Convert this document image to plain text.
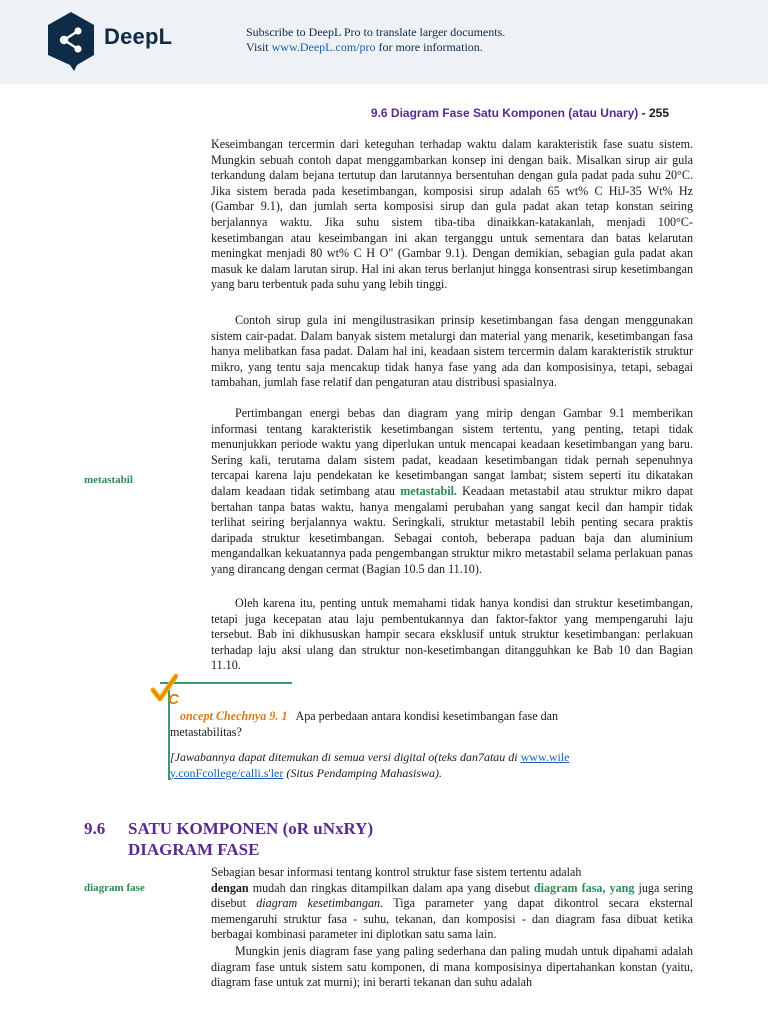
DeepL	Subscribe to DeepL Pro to translate larger documents.
Visit www.DeepL.com/pro for more information.
9.6 Diagram Fase Satu Komponen (atau Unary) - 255

Keseimbangan tercermin dari keteguhan terhadap waktu dalam karakteristik fase suatu sistem. Mungkin sebuah contoh dapat menggambarkan konsep ini dengan baik. Misalkan sirup air gula terkandung dalam bejana tertutup dan larutannya bersentuhan dengan gula padat pada suhu 20°C. Jika sistem berada pada kesetimbangan, komposisi sirup adalah 65 wt% C HiJ-35 Wt% Hz (Gambar 9.1), dan jumlah serta komposisi sirup dan gula padat akan tetap konstan seiring berjalannya waktu. Jika suhu sistem tiba-tiba dinaikkan-katakanlah, menjadi 100°C- kesetimbangan atau keseimbangan ini akan terganggu untuk sementara dan batas kelarutan meningkat menjadi 80 wt% C H O" (Gambar 9.1). Dengan demikian, sebagian gula padat akan masuk ke dalam larutan sirup. Hal ini akan terus berlanjut hingga konsentrasi sirup kesetimbangan yang baru terbentuk pada suhu yang lebih tinggi.

Contoh sirup gula ini mengilustrasikan prinsip kesetimbangan fasa dengan menggunakan sistem cair-padat. Dalam banyak sistem metalurgi dan material yang menarik, kesetimbangan fasa hanya melibatkan fasa padat. Dalam hal ini, keadaan sistem tercermin dalam karakteristik struktur mikro, yang tentu saja mencakup tidak hanya fase yang ada dan komposisinya, tetapi, sebagai tambahan, jumlah fase relatif dan pengaturan atau distribusi spasialnya.

Pertimbangan energi bebas dan diagram yang mirip dengan Gambar 9.1 memberikan informasi tentang karakteristik kesetimbangan sistem tertentu, yang penting, tetapi tidak menunjukkan periode waktu yang diperlukan untuk mencapai keadaan kesetimbangan yang baru. Sering kali, terutama dalam sistem padat, keadaan kesetimbangan tidak pernah sepenuhnya tercapai karena laju pendekatan ke kesetimbangan sangat lambat; sistem seperti itu dikatakan dalam keadaan tidak setimbang atau metastabil. Keadaan metastabil atau struktur mikro dapat bertahan tanpa batas waktu, hanya mengalami perubahan yang sangat kecil dan hampir tidak terlihat seiring berjalannya waktu. Seringkali, struktur metastabil lebih penting secara praktis daripada struktur kesetimbangan. Sebagai contoh, beberapa paduan baja dan aluminium mengandalkan kekuatannya pada pengembangan struktur mikro metastabil selama perlakuan panas yang dirancang dengan cermat (Bagian 10.5 dan 11.10).

Oleh karena itu, penting untuk memahami tidak hanya kondisi dan struktur kesetimbangan, tetapi juga kecepatan atau laju pembentukannya dan faktor-faktor yang mempengaruhi laju tersebut. Bab ini dikhususkan hampir secara eksklusif untuk struktur kesetimbangan: perlakuan terhadap laju aksi ulang dan struktur non-kesetimbangan ditangguhkan ke Bab 10 dan Bagian 11.10.

metastabil
C
oncept Chechnya 9. 1 Apa perbedaan antara kondisi kesetimbangan fase dan metastabilitas?
[Jawabannya dapat ditemukan di semua versi digital o(teks dan7atau di www.wile y.conFcollege/calli.s'ler (Situs Pendamping Mahasiswa).
9.6 SATU KOMPONEN (oR uNxRY)
DIAGRAM FASE
diagram fase

Sebagian besar informasi tentang kontrol struktur fase sistem tertentu adalah
dengan mudah dan ringkas ditampilkan dalam apa yang disebut diagram fasa, yang juga sering disebut diagram kesetimbangan. Tiga parameter yang dapat dikontrol secara eksternal memengaruhi struktur fasa - suhu, tekanan, dan komposisi - dan diagram fasa dibuat ketika berbagai kombinasi parameter ini diplotkan satu sama lain.

Mungkin jenis diagram fase yang paling sederhana dan paling mudah untuk dipahami adalah diagram fase untuk sistem satu komponen, di mana komposisinya dipertahankan konstan (yaitu, diagram fase untuk zat murni); ini berarti tekanan dan suhu adalah
